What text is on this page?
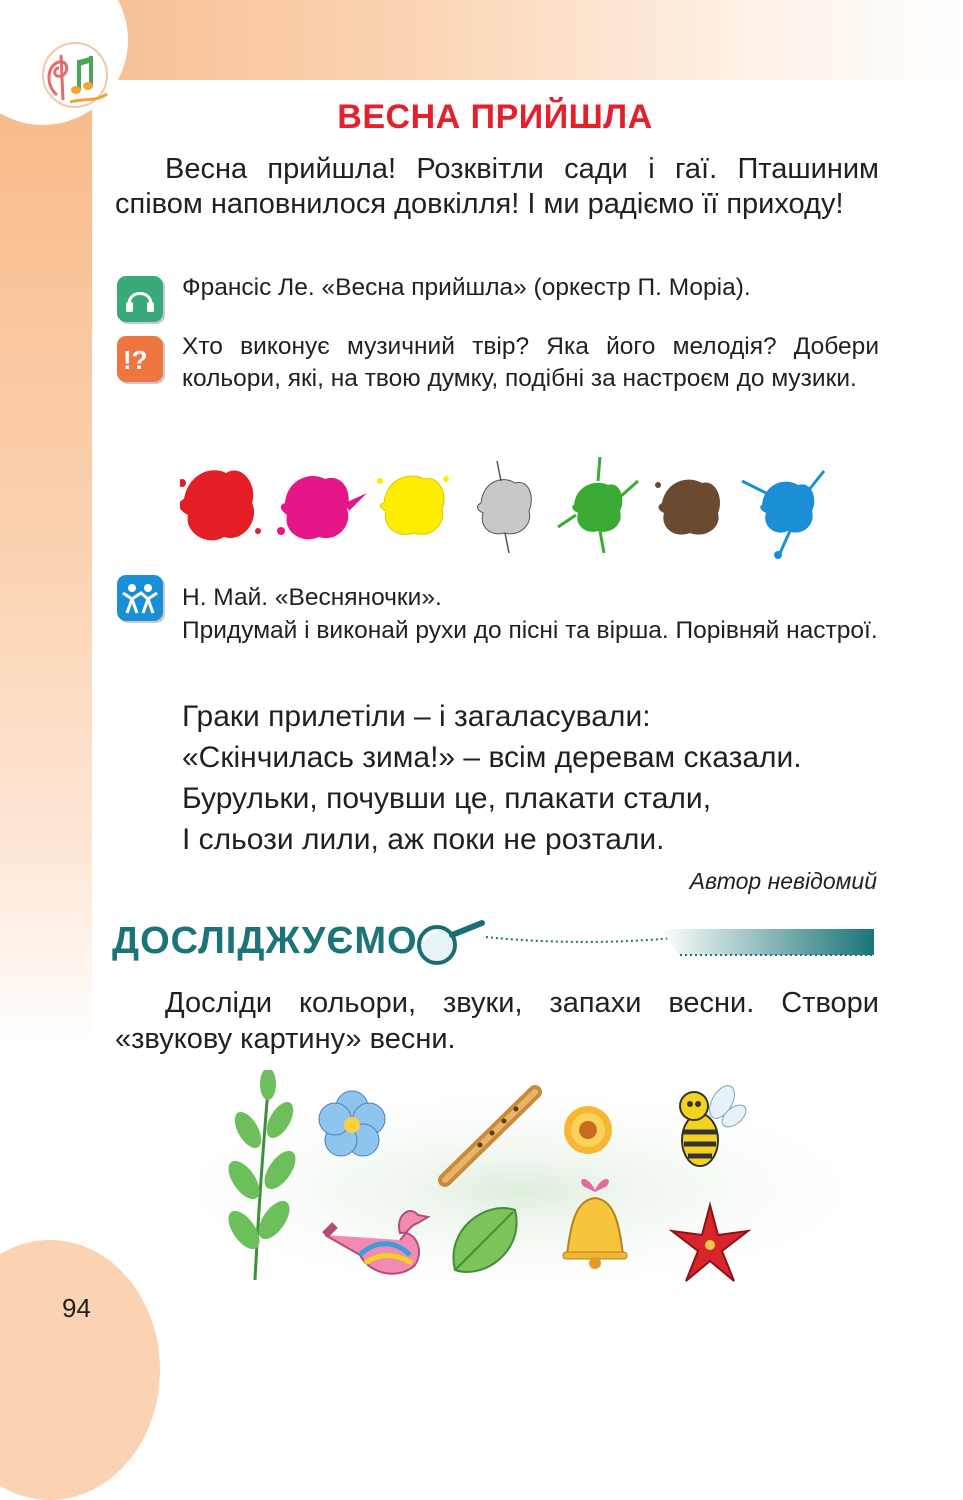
94
ВЕСНА ПРИЙШЛА
Весна прийшла! Розквітли сади і гаї. Пташиним співом наповнилося довкілля! І ми радіємо її приходу!
Франсіс Ле. «Весна прийшла» (оркестр П. Моріа).
!? Хто виконує музичний твір? Яка його мелодія? Добери кольори, які, на твою думку, подібні за настроєм до музики.
Н. Май. «Весняночки».
Придумай і виконай рухи до пісні та вірша. Порівняй настрої.
Граки прилетіли – і загаласували:
«Скінчилась зима!» – всім деревам сказали.
Бурульки, почувши це, плакати стали,
І сльози лили, аж поки не розтали.
Автор невідомий
ДОСЛІДЖУЄМО
Досліди кольори, звуки, запахи весни. Створи «звукову картину» весни.
